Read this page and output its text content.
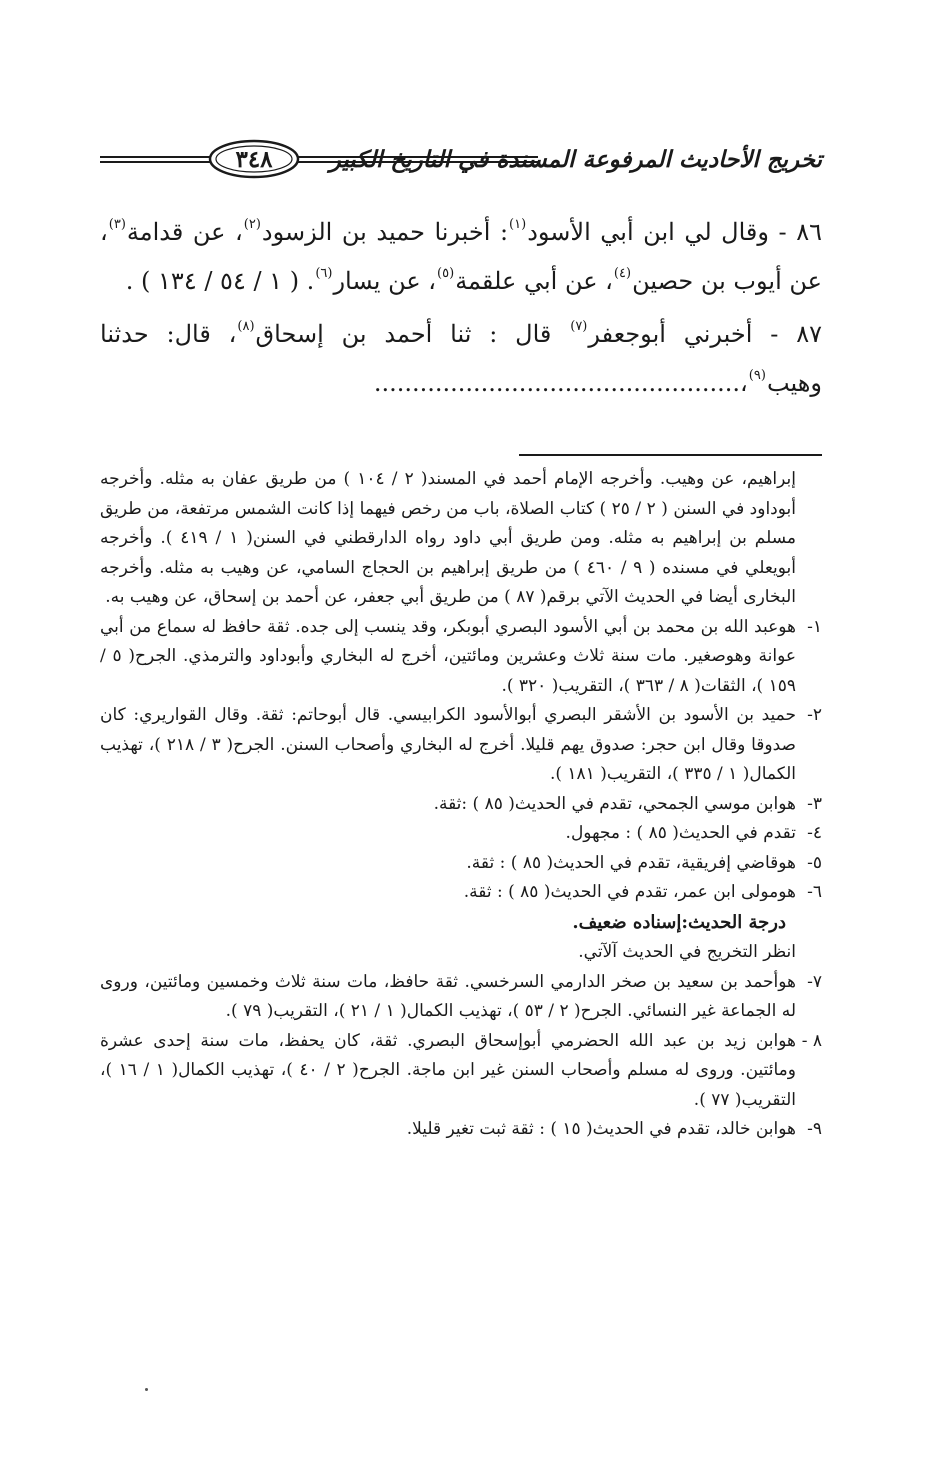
٣٤٨	تخريج الأحاديث المرفوعة المسندة في التاريخ الكبير

٨٦ - وقال لي ابن أبي الأسود$^{(١)}$: أخبرنا حميد بن الزسود$^{(٢)}$، عن قدامة$^{(٣)}$، عن أيوب بن حصين$^{(٤)}$، عن أبي علقمة$^{(٥)}$، عن يسار$^{(٦)}$. ( ١ / ٥٤ / ١٣٤ ) .

٨٧ - أخبرني أبوجعفر$^{(٧)}$ قال : ثنا أحمد بن إسحاق$^{(٨)}$، قال: حدثنا وهيب$^{(٩)}$،................................................

إبراهيم، عن وهيب. وأخرجه الإمام أحمد في المسند( ٢ / ١٠٤ ) من طريق عفان به مثله. وأخرجه أبوداود في السنن ( ٢ / ٢٥ ) كتاب الصلاة، باب من رخص فيهما إذا كانت الشمس مرتفعة، من طريق مسلم بن إبراهيم به مثله. ومن طريق أبي داود رواه الدارقطني في السنن( ١ / ٤١٩ ). وأخرجه أبويعلي في مسنده ( ٩ / ٤٦٠ ) من طريق إبراهيم بن الحجاج السامي، عن وهيب به مثله. وأخرجه البخارى أيضا في الحديث الآتي برقم( ٨٧ ) من طريق أبي جعفر، عن أحمد بن إسحاق، عن وهيب به.

١-هوعبد الله بن محمد بن أبي الأسود البصري أبوبكر، وقد ينسب إلى جده. ثقة حافظ له سماع من أبي عوانة وهوصغير. مات سنة ثلاث وعشرين ومائتين، أخرج له البخاري وأبوداود والترمذي. الجرح( ٥ / ١٥٩ )، الثقات( ٨ / ٣٦٣ )، التقريب( ٣٢٠ ).

٢-حميد بن الأسود بن الأشقر البصري أبوالأسود الكرابيسي. قال أبوحاتم: ثقة. وقال القواريري: كان صدوقا وقال ابن حجر: صدوق يهم قليلا. أخرج له البخاري وأصحاب السنن. الجرح( ٣ / ٢١٨ )، تهذيب الكمال( ١ / ٣٣٥ )، التقريب( ١٨١ ).

٣-هوابن موسي الجمحي، تقدم في الحديث( ٨٥ ) :ثقة.

٤-تقدم في الحديث( ٨٥ ) : مجهول.

٥-هوقاضي إفريقية، تقدم في الحديث( ٨٥ ) : ثقة.

٦-هومولى ابن عمر، تقدم في الحديث( ٨٥ ) : ثقة.

درجة الحديث:إسناده ضعيف.

انظر التخريج في الحديث آلآتي.

٧-هوأحمد بن سعيد بن صخر الدارمي السرخسي. ثقة حافظ، مات سنة ثلاث وخمسين ومائتين، وروى له الجماعة غير النسائي. الجرح( ٢ / ٥٣ )، تهذيب الكمال( ١ / ٢١ )، التقريب( ٧٩ ).

٨ -هوابن زيد بن عبد الله الحضرمي أبوإسحاق البصري. ثقة، كان يحفظ، مات سنة إحدى عشرة ومائتين. وروى له مسلم وأصحاب السنن غير ابن ماجة. الجرح( ٢ / ٤٠ )، تهذيب الكمال( ١ / ١٦ )، التقريب( ٧٧ ).

٩-هوابن خالد، تقدم في الحديث( ١٥ ) : ثقة ثبت تغير قليلا.
